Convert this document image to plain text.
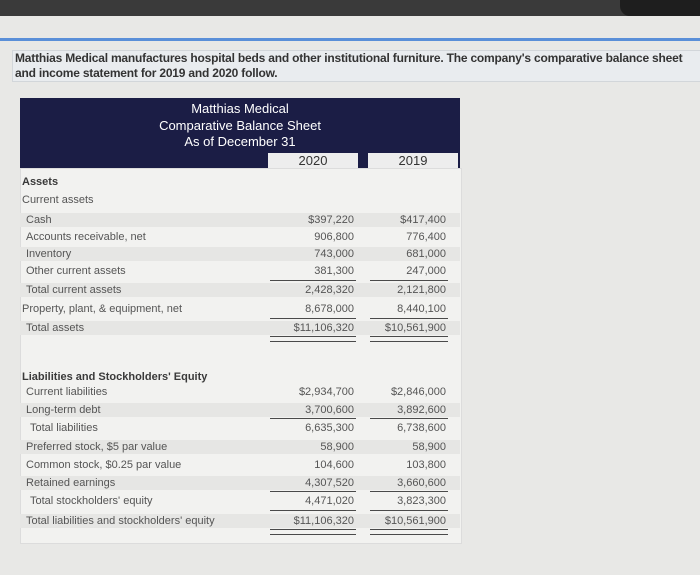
Matthias Medical manufactures hospital beds and other institutional furniture. The company's comparative balance sheet and income statement for 2019 and 2020 follow.
Matthias Medical
Comparative Balance Sheet
As of December 31
2020	2019
Assets
Current assets
Cash	$397,220	$417,400
Accounts receivable, net	906,800	776,400
Inventory	743,000	681,000
Other current assets	381,300	247,000
Total current assets	2,428,320	2,121,800
Property, plant, & equipment, net	8,678,000	8,440,100
Total assets	$11,106,320	$10,561,900
Liabilities and Stockholders' Equity
Current liabilities	$2,934,700	$2,846,000
Long-term debt	3,700,600	3,892,600
Total liabilities	6,635,300	6,738,600
Preferred stock, $5 par value	58,900	58,900
Common stock, $0.25 par value	104,600	103,800
Retained earnings	4,307,520	3,660,600
Total stockholders' equity	4,471,020	3,823,300
Total liabilities and stockholders' equity	$11,106,320	$10,561,900
